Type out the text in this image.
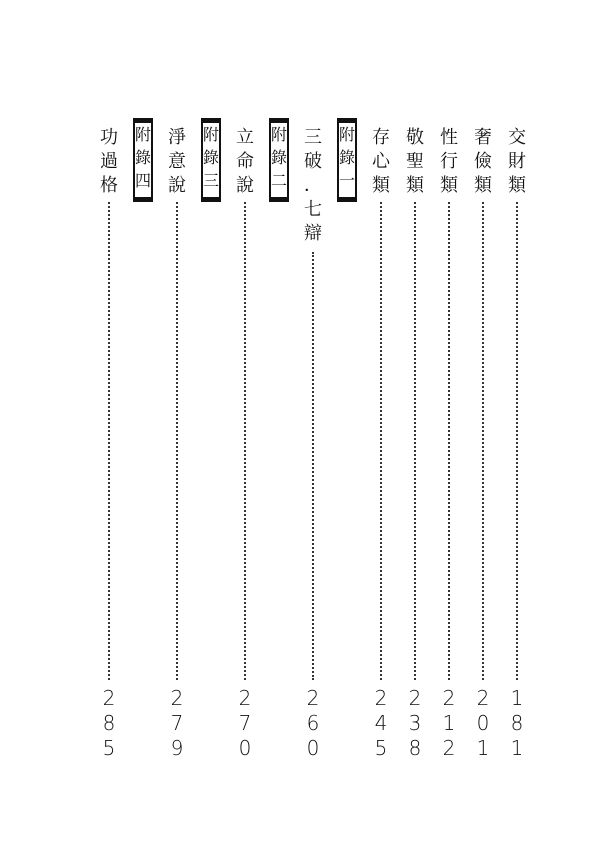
交
財
類
1
8
1
奢
儉
類
2
0
1
性
行
類
2
1
2
敬
聖
類
2
3
8
存
心
類
2
4
5
附
錄
一
三
破
．
七
辯
2
6
0
附
錄
二
立
命
說
2
7
0
附
錄
三
淨
意
說
2
7
9
附
錄
四
功
過
格
2
8
5
